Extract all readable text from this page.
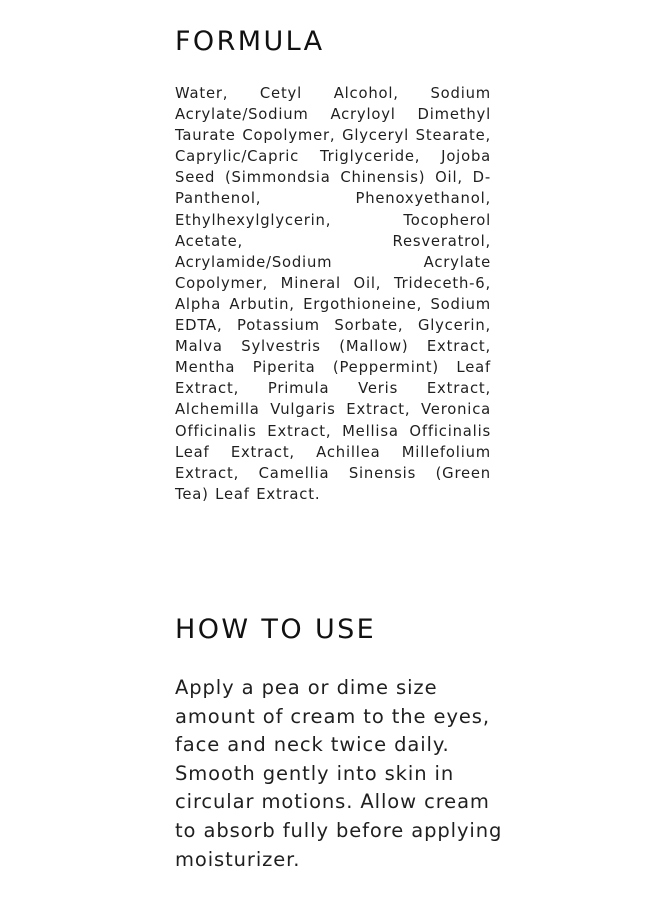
FORMULA

Water, Cetyl Alcohol, Sodium Acrylate/Sodium Acryloyl Dimethyl Taurate Copolymer, Glyceryl Stearate, Caprylic/Capric Triglyceride, Jojoba Seed (Simmondsia Chinensis) Oil, D-Panthenol, Phenoxyethanol, Ethylhexylglycerin, Tocopherol Acetate, Resveratrol, Acrylamide/Sodium Acrylate Copolymer, Mineral Oil, Trideceth-6, Alpha Arbutin, Ergothioneine, Sodium EDTA, Potassium Sorbate, Glycerin, Malva Sylvestris (Mallow) Extract, Mentha Piperita (Peppermint) Leaf Extract, Primula Veris Extract, Alchemilla Vulgaris Extract, Veronica Officinalis Extract, Mellisa Officinalis Leaf Extract, Achillea Millefolium Extract, Camellia Sinensis (Green Tea) Leaf Extract.

HOW TO USE

Apply a pea or dime size amount of cream to the eyes, face and neck twice daily. Smooth gently into skin in circular motions. Allow cream to absorb fully before applying moisturizer.
